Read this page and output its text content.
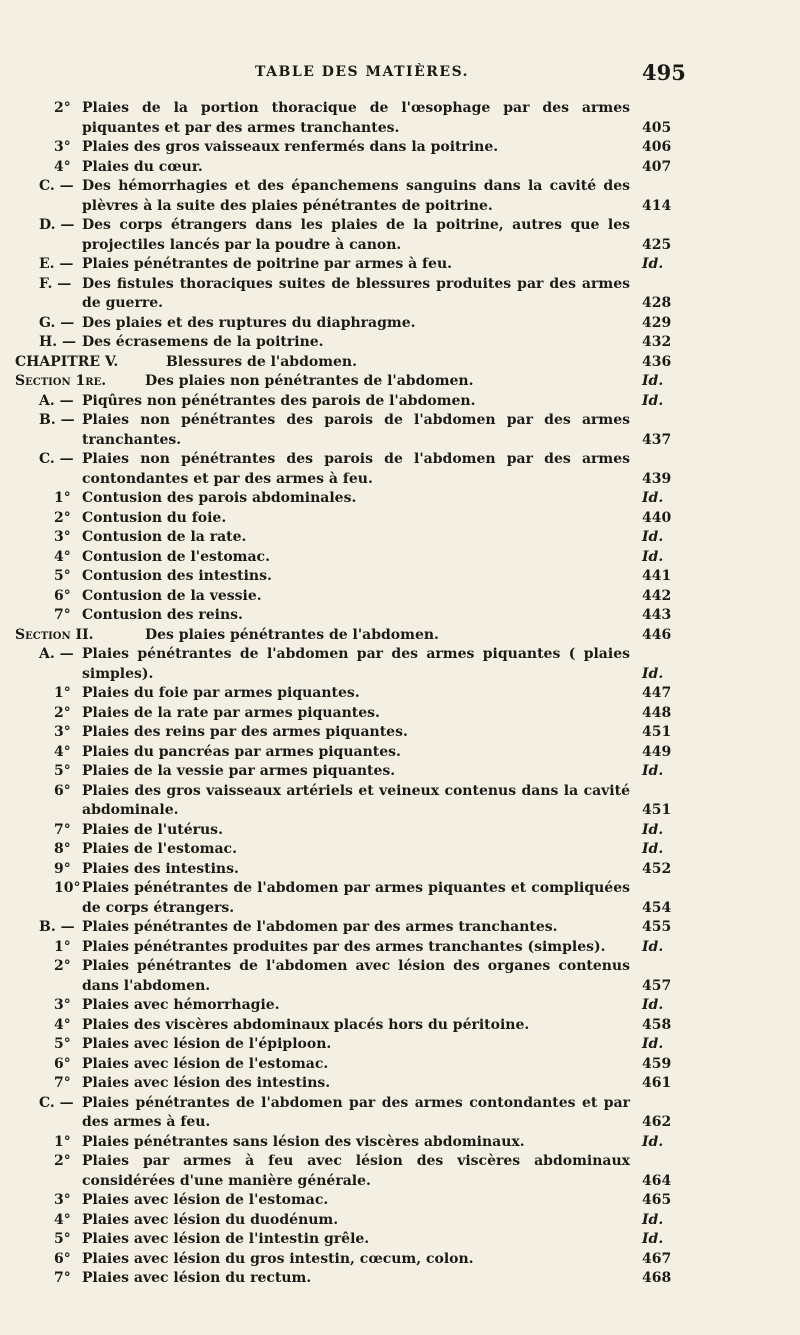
TABLE DES MATIÈRES.	495
2° Plaies de la portion thoracique de l'œsophage par des armes piquantes et par des armes tranchantes.	405
3° Plaies des gros vaisseaux renfermés dans la poitrine.	406
4° Plaies du cœur.	407
C. — Des hémorrhagies et des épanchemens sanguins dans la cavité des plèvres à la suite des plaies pénétrantes de poitrine.	414
D. — Des corps étrangers dans les plaies de la poitrine, autres que les projectiles lancés par la poudre à canon.	425
E. — Plaies pénétrantes de poitrine par armes à feu.	Id.
F. — Des fistules thoraciques suites de blessures produites par des armes de guerre.	428
G. — Des plaies et des ruptures du diaphragme.	429
H. — Des écrasemens de la poitrine.	432
CHAPITRE V.	Blessures de l'abdomen.	436
Section 1re.	Des plaies non pénétrantes de l'abdomen.	Id.
A. — Piqûres non pénétrantes des parois de l'abdomen.	Id.
B. — Plaies non pénétrantes des parois de l'abdomen par des armes tranchantes.	437
C. — Plaies non pénétrantes des parois de l'abdomen par des armes contondantes et par des armes à feu.	439
1° Contusion des parois abdominales.	Id.
2° Contusion du foie.	440
3° Contusion de la rate.	Id.
4° Contusion de l'estomac.	Id.
5° Contusion des intestins.	441
6° Contusion de la vessie.	442
7° Contusion des reins.	443
Section II.	Des plaies pénétrantes de l'abdomen.	446
A. — Plaies pénétrantes de l'abdomen par des armes piquantes ( plaies simples).	Id.
1° Plaies du foie par armes piquantes.	447
2° Plaies de la rate par armes piquantes.	448
3° Plaies des reins par des armes piquantes.	451
4° Plaies du pancréas par armes piquantes.	449
5° Plaies de la vessie par armes piquantes.	Id.
6° Plaies des gros vaisseaux artériels et veineux contenus dans la cavité abdominale.	451
7° Plaies de l'utérus.	Id.
8° Plaies de l'estomac.	Id.
9° Plaies des intestins.	452
10° Plaies pénétrantes de l'abdomen par armes piquantes et compliquées de corps étrangers.	454
B. — Plaies pénétrantes de l'abdomen par des armes tranchantes.	455
1° Plaies pénétrantes produites par des armes tranchantes (simples).	Id.
2° Plaies pénétrantes de l'abdomen avec lésion des organes contenus dans l'abdomen.	457
3° Plaies avec hémorrhagie.	Id.
4° Plaies des viscères abdominaux placés hors du péritoine.	458
5° Plaies avec lésion de l'épiploon.	Id.
6° Plaies avec lésion de l'estomac.	459
7° Plaies avec lésion des intestins.	461
C. — Plaies pénétrantes de l'abdomen par des armes contondantes et par des armes à feu.	462
1° Plaies pénétrantes sans lésion des viscères abdominaux.	Id.
2° Plaies par armes à feu avec lésion des viscères abdominaux considérées d'une manière générale.	464
3° Plaies avec lésion de l'estomac.	465
4° Plaies avec lésion du duodénum.	Id.
5° Plaies avec lésion de l'intestin grêle.	Id.
6° Plaies avec lésion du gros intestin, cœcum, colon.	467
7° Plaies avec lésion du rectum.	468
